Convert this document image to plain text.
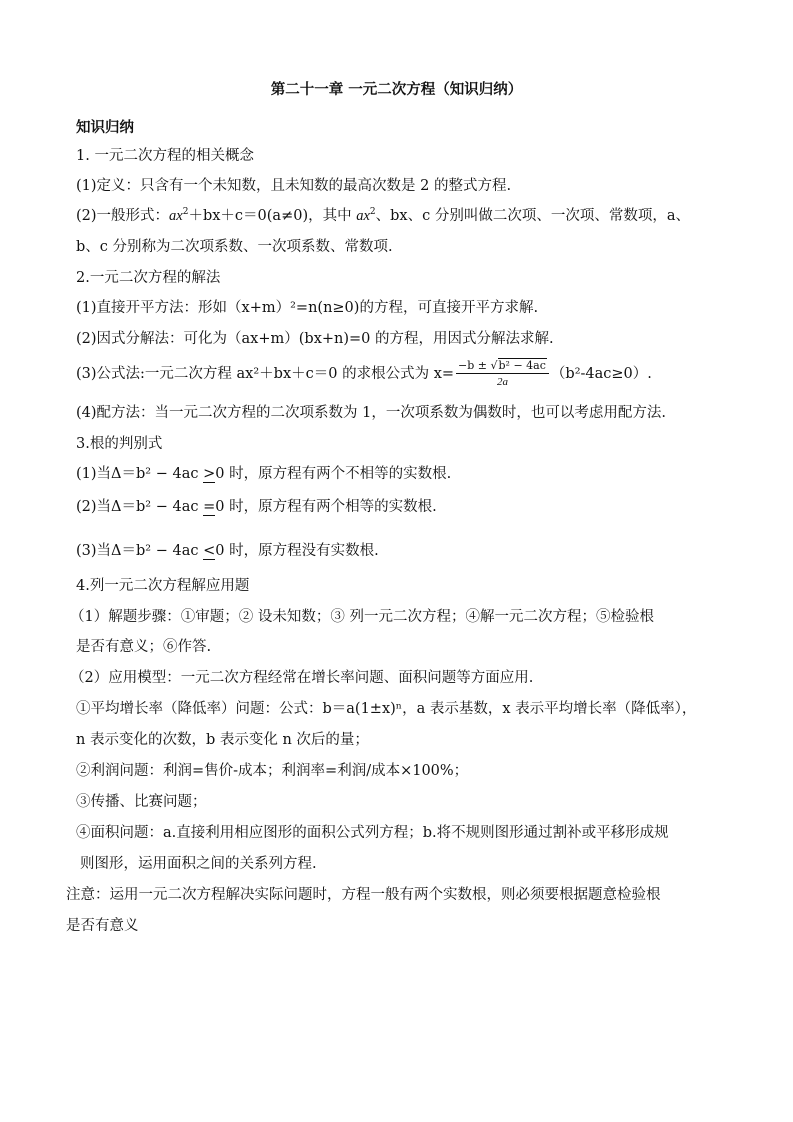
第二十一章 一元二次方程（知识归纳）
知识归纳
1. 一元二次方程的相关概念
(1)定义：只含有一个未知数，且未知数的最高次数是 2 的整式方程.
(2)一般形式：$ax^2+bx+c=0(a\ne 0)$，其中 $ax^2$、bx、c 分别叫做二次项、一次项、常数项，a、
b、c 分别称为二次项系数、一次项系数、常数项.
2.一元二次方程的解法
(1)直接开平方法：形如（x+m）²=n(n≥0)的方程，可直接开平方求解.
(2)因式分解法：可化为（ax+m）(bx+n)=0 的方程，用因式分解法求解.
(3)公式法:一元二次方程 ax²＋bx＋c＝0 的求根公式为 $x= \frac{\text{−b ± √b² − 4ac}}{2a} (b^2-4ac\ge 0)$.
(4)配方法：当一元二次方程的二次项系数为 1，一次项系数为偶数时，也可以考虑用配方法.
3.根的判别式
(1)当Δ＝b² − 4ac >0 时，原方程有两个不相等的实数根.
(2)当Δ＝b² − 4ac =0 时，原方程有两个相等的实数根.
(3)当Δ＝b² − 4ac <0 时，原方程没有实数根.
4.列一元二次方程解应用题
（1）解题步骤：①审题；② 设未知数；③ 列一元二次方程；④解一元二次方程；⑤检验根
是否有意义；⑥作答.
（2）应用模型：一元二次方程经常在增长率问题、面积问题等方面应用.
①平均增长率（降低率）问题：公式：b＝a(1±x)ⁿ，a 表示基数，x 表示平均增长率（降低率），
n 表示变化的次数，b 表示变化 n 次后的量；
②利润问题：利润=售价-成本；利润率=利润/成本×100%；
③传播、比赛问题；
④面积问题：a.直接利用相应图形的面积公式列方程；b.将不规则图形通过割补或平移形成规
则图形，运用面积之间的关系列方程.
注意：运用一元二次方程解决实际问题时，方程一般有两个实数根，则必须要根据题意检验根
是否有意义
